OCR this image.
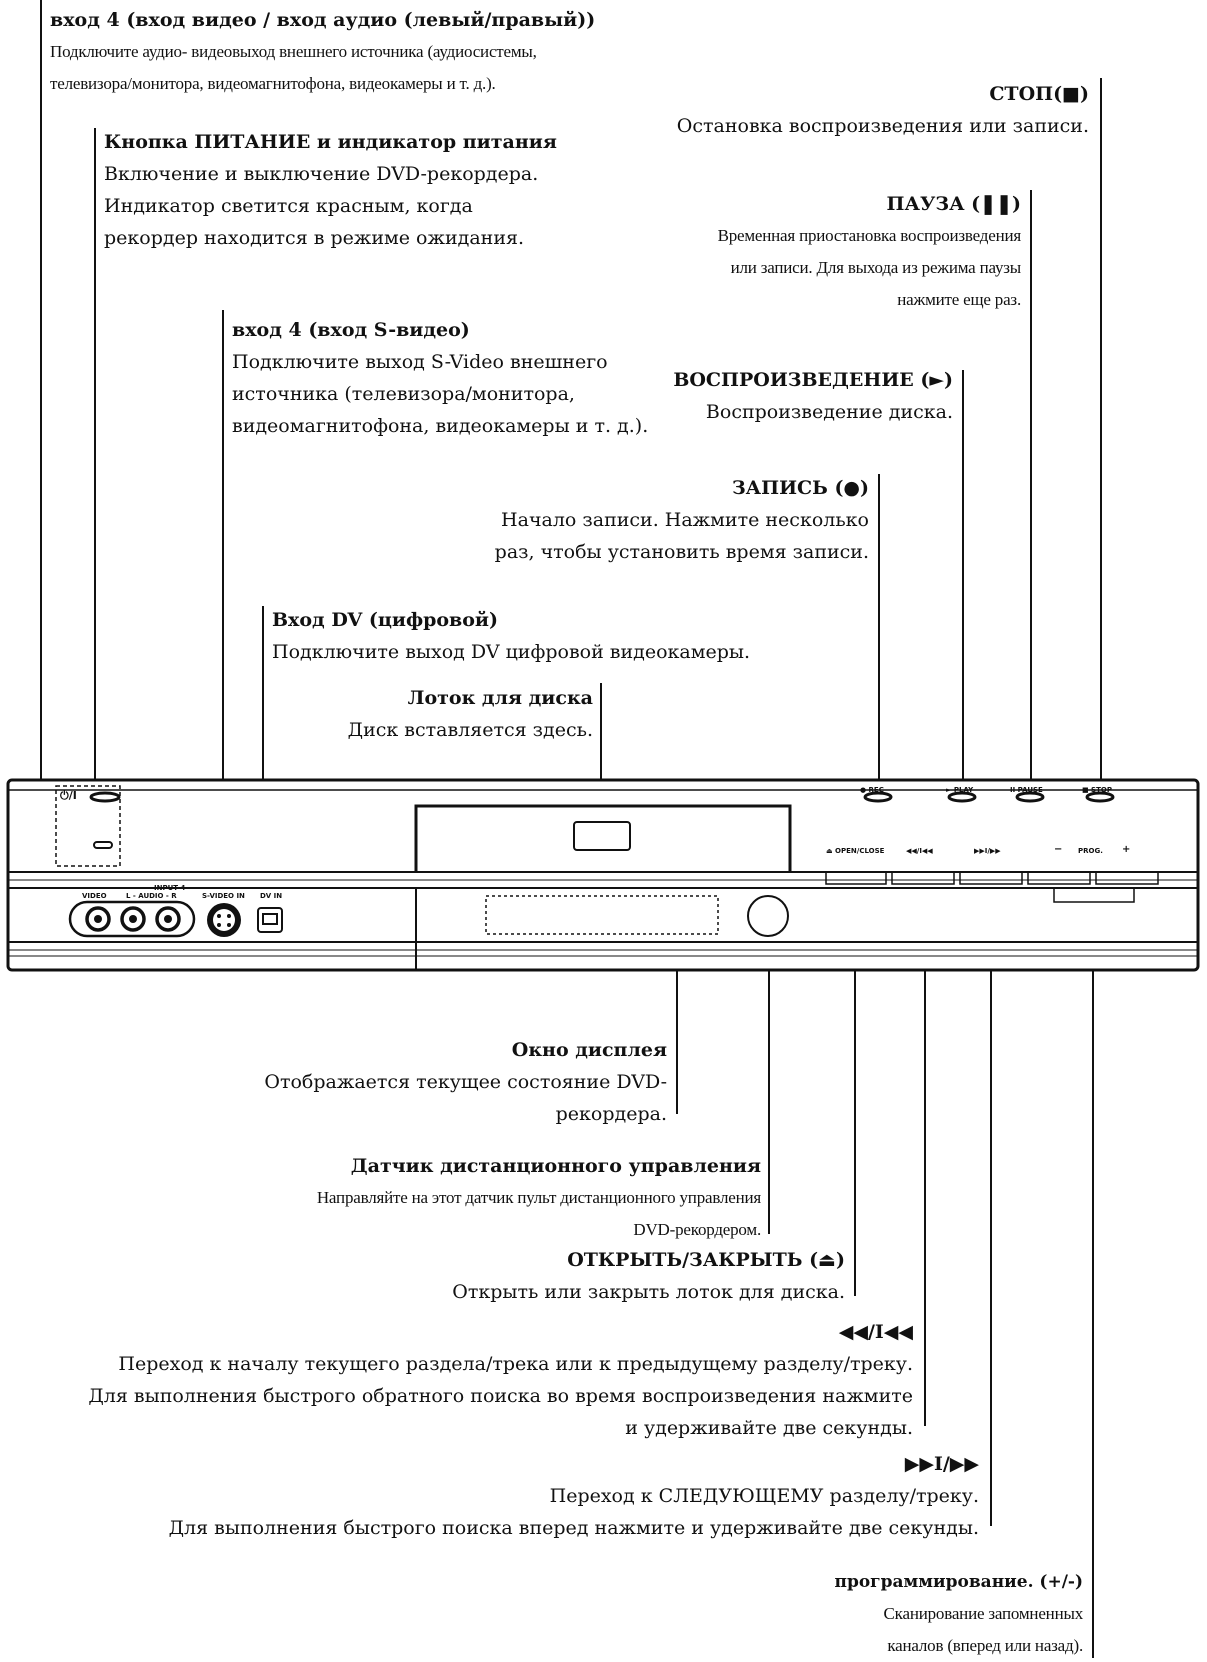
⏻/I	● REC	► PLAY	II PAUSE	■ STOP
⏏ OPEN/CLOSE	◀◀/I◀◀	▶▶I/▶▶	− PROG. +
INPUT 4
VIDEO	L - AUDIO - R	S-VIDEO IN DV IN
вход 4 (вход видео / вход аудио (левый/правый))
Подключите аудио- видеовыход внешнего источника (аудиосистемы,
телевизора/монитора, видеомагнитофона, видеокамеры и т. д.).
Кнопка ПИТАНИЕ и индикатор питания
Включение и выключение DVD-рекордера.
Индикатор светится красным, когда
рекордер находится в режиме ожидания.
вход 4 (вход S-видео)
Подключите выход S-Video внешнего
источника (телевизора/монитора,
видеомагнитофона, видеокамеры и т. д.).
Вход DV (цифровой)
Подключите выход DV цифровой видеокамеры.
Лоток для диска
Диск вставляется здесь.
СТОП(■)
Остановка воспроизведения или записи.
ПАУЗА (❚❚)
Временная приостановка воспроизведения
или записи. Для выхода из режима паузы
нажмите еще раз.
ВОСПРОИЗВЕДЕНИЕ (►)
Воспроизведение диска.
ЗАПИСЬ (●)
Начало записи. Нажмите несколько
раз, чтобы установить время записи.
Окно дисплея
Отображается текущее состояние DVD-
рекордера.
Датчик дистанционного управления
Направляйте на этот датчик пульт дистанционного управления
DVD-рекордером.
ОТКРЫТЬ/ЗАКРЫТЬ (⏏)
Открыть или закрыть лоток для диска.
◀◀/I◀◀
Переход к началу текущего раздела/трека или к предыдущему разделу/треку.
Для выполнения быстрого обратного поиска во время воспроизведения нажмите
и удерживайте две секунды.
▶▶I/▶▶
Переход к СЛЕДУЮЩЕМУ разделу/треку.
Для выполнения быстрого поиска вперед нажмите и удерживайте две секунды.
программирование. (+/-)
Сканирование запомненных
каналов (вперед или назад).
